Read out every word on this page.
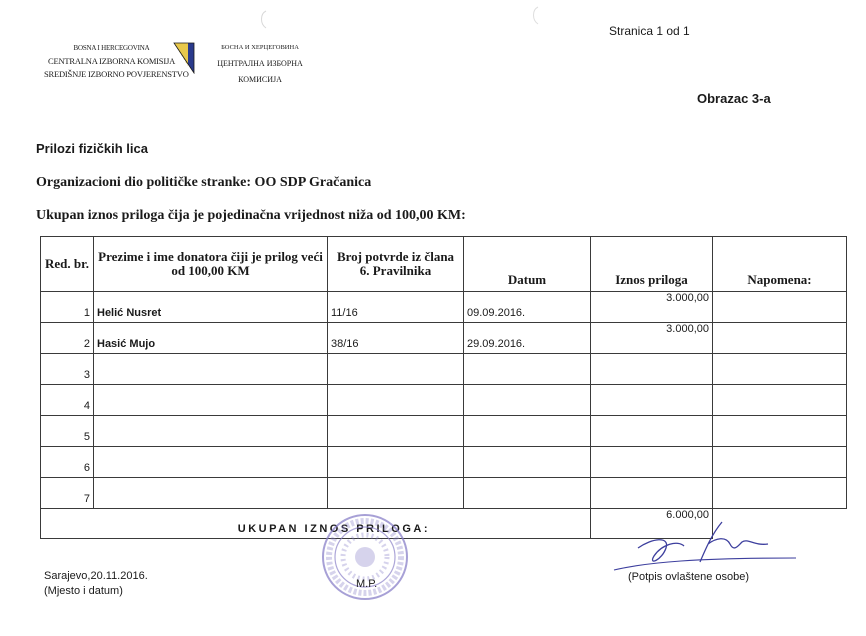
BOSNA I HERCEGOVINA
CENTRALNA IZBORNA KOMISIJA
SREDIŠNJE IZBORNO POVJERENSTVO
БОСНА И ХЕРЦЕГОВИНА
ЦЕНТРАЛНА ИЗБОРНА КОМИСИЈА
Stranica 1 od 1
Obrazac 3-a
Prilozi fizičkih lica
Organizacioni dio političke stranke: OO SDP Gračanica
Ukupan iznos priloga čija je pojedinačna vrijednost niža od 100,00 KM:
Red. br.	Prezime i ime donatora čiji je prilog veći od 100,00 KM	Broj potvrde iz člana 6. Pravilnika	Datum	Iznos priloga	Napomena:
1	Helić Nusret	11/16	09.09.2016.	3.000,00	
2	Hasić Mujo	38/16	29.09.2016.	3.000,00	
3					
4					
5					
6					
7					
UKUPAN IZNOS PRILOGA:				6.000,00	
Sarajevo,20.11.2016.
(Mjesto i datum)
M.P.
(Potpis ovlaštene osobe)
